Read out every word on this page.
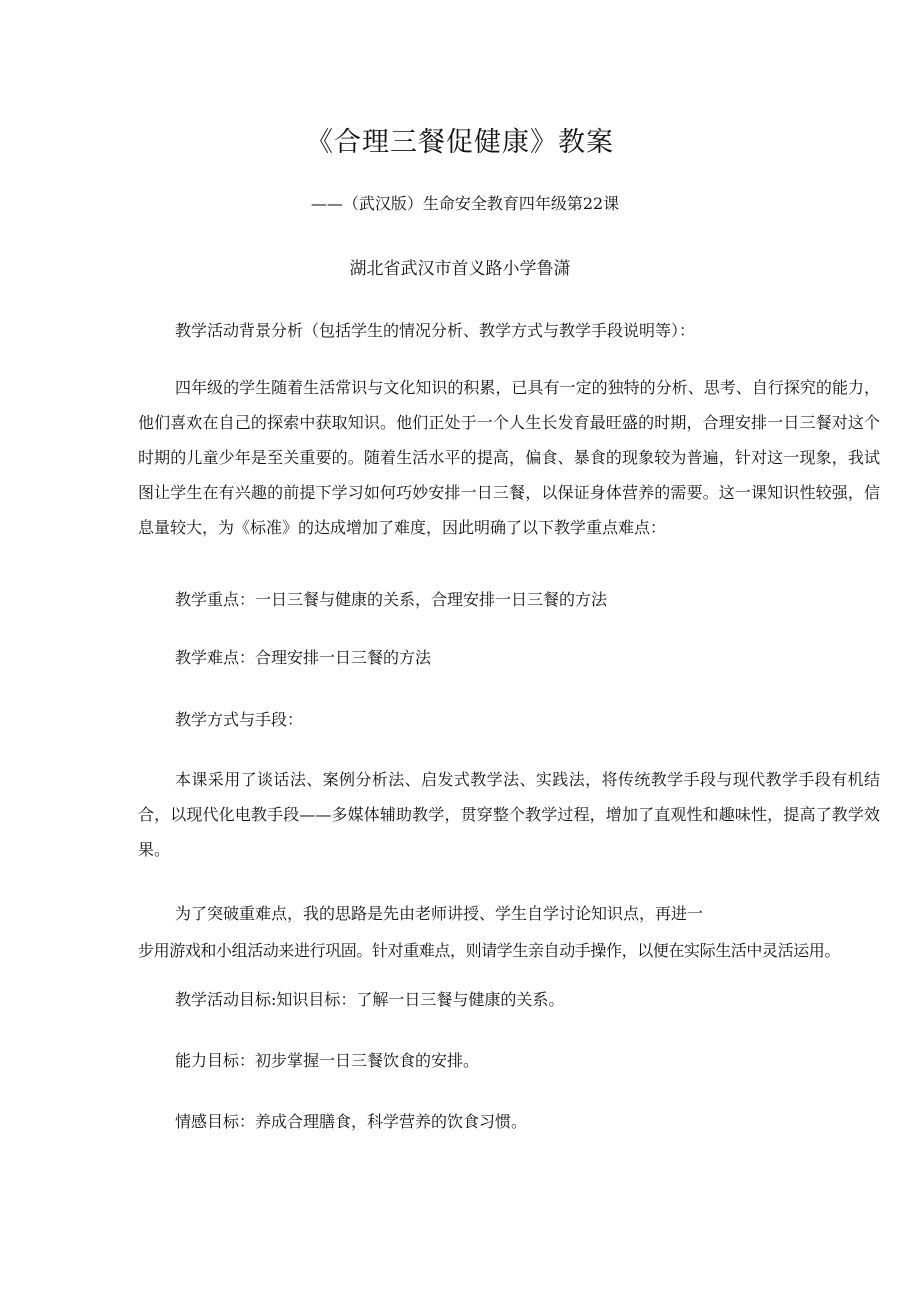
《合理三餐促健康》教案
——（武汉版）生命安全教育四年级第22课
湖北省武汉市首义路小学鲁潇
教学活动背景分析（包括学生的情况分析、教学方式与教学手段说明等）：
四年级的学生随着生活常识与文化知识的积累，已具有一定的独特的分析、思考、自行探究的能力，他们喜欢在自己的探索中获取知识。他们正处于一个人生长发育最旺盛的时期，合理安排一日三餐对这个时期的儿童少年是至关重要的。随着生活水平的提高，偏食、暴食的现象较为普遍，针对这一现象，我试图让学生在有兴趣的前提下学习如何巧妙安排一日三餐，以保证身体营养的需要。这一课知识性较强，信息量较大，为《标准》的达成增加了难度，因此明确了以下教学重点难点：
教学重点：一日三餐与健康的关系，合理安排一日三餐的方法
教学难点：合理安排一日三餐的方法
教学方式与手段：
本课采用了谈话法、案例分析法、启发式教学法、实践法，将传统教学手段与现代教学手段有机结合，以现代化电教手段——多媒体辅助教学，贯穿整个教学过程，增加了直观性和趣味性，提高了教学效果。
为了突破重难点，我的思路是先由老师讲授、学生自学讨论知识点，再进一
步用游戏和小组活动来进行巩固。针对重难点，则请学生亲自动手操作，以便在实际生活中灵活运用。
教学活动目标:知识目标：了解一日三餐与健康的关系。
能力目标：初步掌握一日三餐饮食的安排。
情感目标：养成合理膳食，科学营养的饮食习惯。
